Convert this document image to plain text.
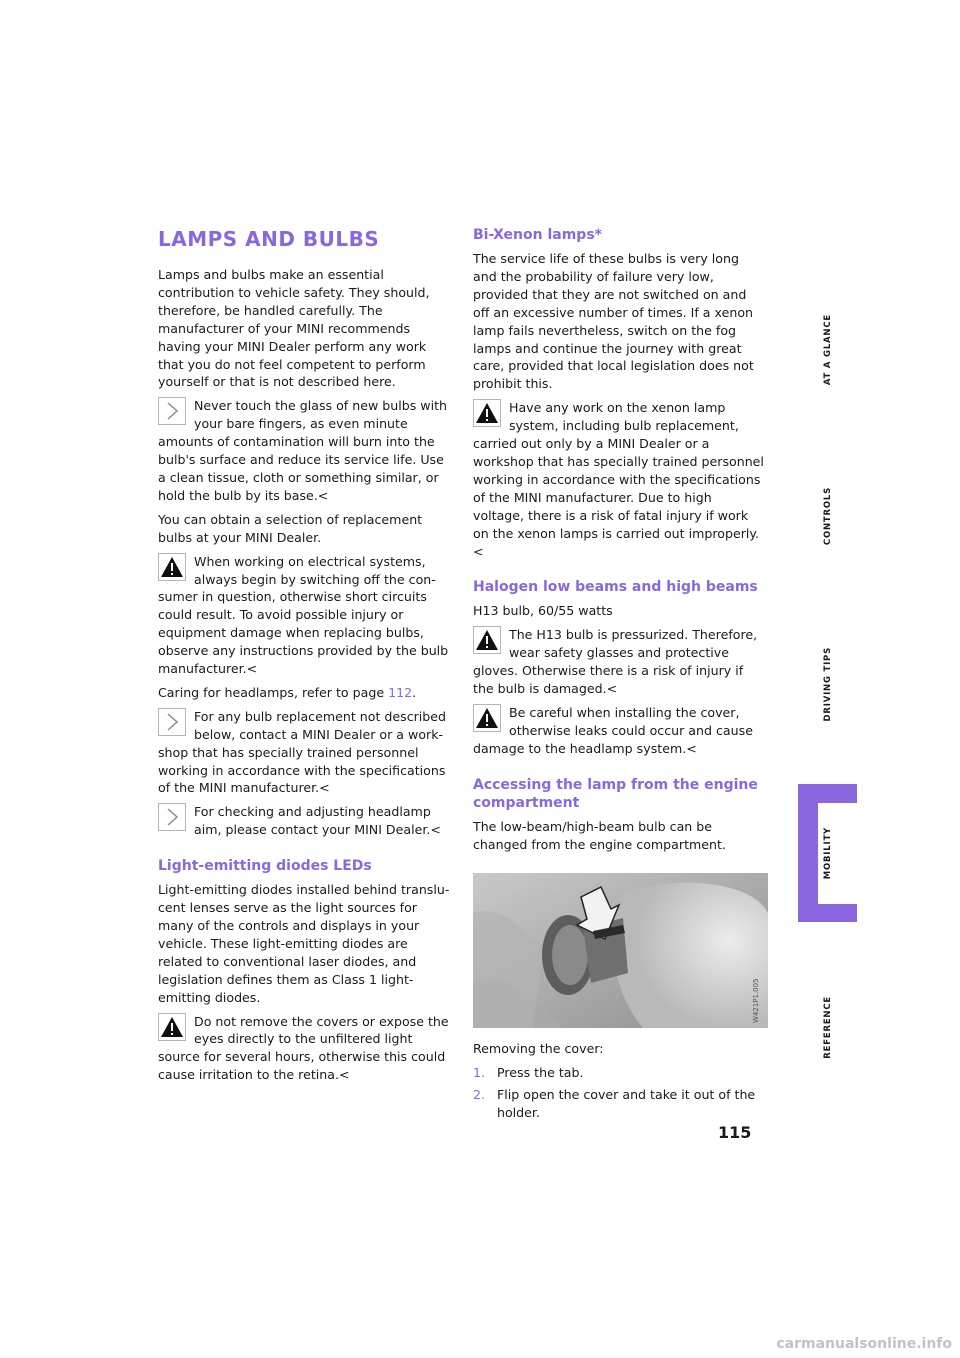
LAMPS AND BULBS

Lamps and bulbs make an essential contribution to vehicle safety. They should, therefore, be handled carefully. The manufacturer of your MINI recommends having your MINI Dealer perform any work that you do not feel competent to perform yourself or that is not described here.

Never touch the glass of new bulbs with your bare fingers, as even minute amounts of contamination will burn into the bulb's surface and reduce its service life. Use a clean tissue, cloth or something similar, or hold the bulb by its base.<

You can obtain a selection of replacement bulbs at your MINI Dealer.

When working on electrical systems, always begin by switching off the consumer in question, otherwise short circuits could result. To avoid possible injury or equipment damage when replacing bulbs, observe any instructions provided by the bulb manufacturer.<

Caring for headlamps, refer to page 112.

For any bulb replacement not described below, contact a MINI Dealer or a workshop that has specially trained personnel working in accordance with the specifications of the MINI manufacturer.<
For checking and adjusting headlamp aim, please contact your MINI Dealer.<
Light-emitting diodes LEDs

Light-emitting diodes installed behind translucent lenses serve as the light sources for many of the controls and displays in your vehicle. These light-emitting diodes are related to conventional laser diodes, and legislation defines them as Class 1 light-emitting diodes.

Do not remove the covers or expose the eyes directly to the unfiltered light source for several hours, otherwise this could cause irritation to the retina.<
Bi-Xenon lamps*

The service life of these bulbs is very long and the probability of failure very low, provided that they are not switched on and off an excessive number of times. If a xenon lamp fails nevertheless, switch on the fog lamps and continue the journey with great care, provided that local legislation does not prohibit this.

Have any work on the xenon lamp system, including bulb replacement, carried out only by a MINI Dealer or a workshop that has specially trained personnel working in accordance with the specifications of the MINI manufacturer. Due to high voltage, there is a risk of fatal injury if work on the xenon lamps is carried out improperly.<
Halogen low beams and high beams

H13 bulb, 60/55 watts

The H13 bulb is pressurized. Therefore, wear safety glasses and protective gloves. Otherwise there is a risk of injury if the bulb is damaged.<
Be careful when installing the cover, otherwise leaks could occur and cause damage to the headlamp system.<
Accessing the lamp from the engine compartment

The low-beam/high-beam bulb can be changed from the engine compartment.

W421P1.005

Removing the cover:

1. Press the tab.
2. Flip open the cover and take it out of the holder.
AT A GLANCE
CONTROLS
DRIVING TIPS
MOBILITY
REFERENCE
115
carmanualsonline.info
